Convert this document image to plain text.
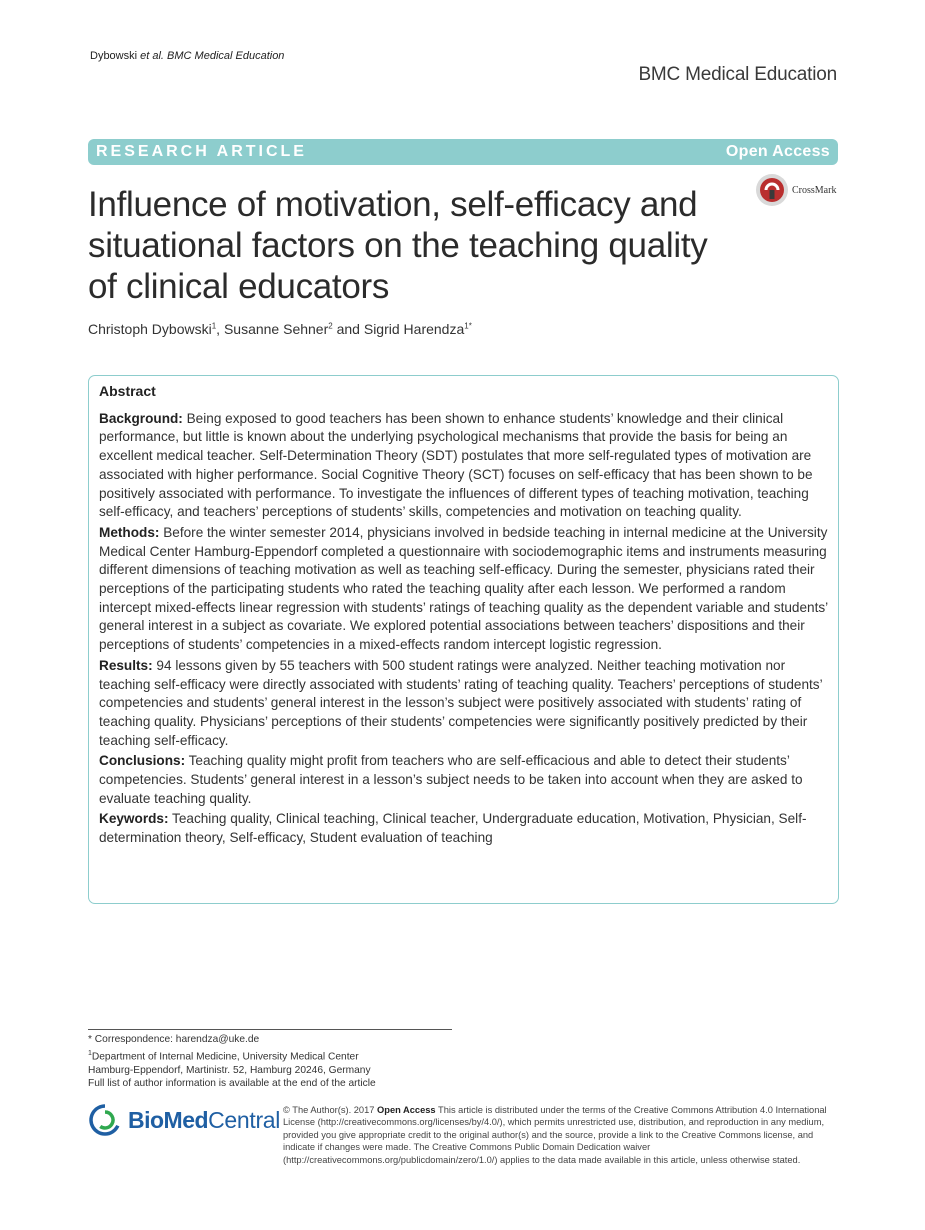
Dybowski et al. BMC Medical Education
BMC Medical Education
RESEARCH ARTICLE	Open Access
Influence of motivation, self-efficacy and situational factors on the teaching quality of clinical educators
CrossMark
Christoph Dybowski$^1$, Susanne Sehner$^2$ and Sigrid Harendza$^{1*}$
Abstract

Background: Being exposed to good teachers has been shown to enhance students’ knowledge and their clinical performance, but little is known about the underlying psychological mechanisms that provide the basis for being an excellent medical teacher. Self-Determination Theory (SDT) postulates that more self-regulated types of motivation are associated with higher performance. Social Cognitive Theory (SCT) focuses on self-efficacy that has been shown to be positively associated with performance. To investigate the influences of different types of teaching motivation, teaching self-efficacy, and teachers’ perceptions of students’ skills, competencies and motivation on teaching quality.

Methods: Before the winter semester 2014, physicians involved in bedside teaching in internal medicine at the University Medical Center Hamburg-Eppendorf completed a questionnaire with sociodemographic items and instruments measuring different dimensions of teaching motivation as well as teaching self-efficacy. During the semester, physicians rated their perceptions of the participating students who rated the teaching quality after each lesson. We performed a random intercept mixed-effects linear regression with students’ ratings of teaching quality as the dependent variable and students’ general interest in a subject as covariate. We explored potential associations between teachers’ dispositions and their perceptions of students’ competencies in a mixed-effects random intercept logistic regression.

Results: 94 lessons given by 55 teachers with 500 student ratings were analyzed. Neither teaching motivation nor teaching self-efficacy were directly associated with students’ rating of teaching quality. Teachers’ perceptions of students’ competencies and students’ general interest in the lesson’s subject were positively associated with students’ rating of teaching quality. Physicians’ perceptions of their students’ competencies were significantly positively predicted by their teaching self-efficacy.

Conclusions: Teaching quality might profit from teachers who are self-efficacious and able to detect their students’ competencies. Students’ general interest in a lesson’s subject needs to be taken into account when they are asked to evaluate teaching quality.

Keywords: Teaching quality, Clinical teaching, Clinical teacher, Undergraduate education, Motivation, Physician, Self-determination theory, Self-efficacy, Student evaluation of teaching

* Correspondence: harendza@uke.de
$^1$Department of Internal Medicine, University Medical Center
Hamburg-Eppendorf, Martinistr. 52, Hamburg 20246, Germany
Full list of author information is available at the end of the article
BioMedCentral © The Author(s). 2017 Open Access This article is distributed under the terms of the Creative Commons Attribution 4.0 International License (http://creativecommons.org/licenses/by/4.0/), which permits unrestricted use, distribution, and reproduction in any medium, provided you give appropriate credit to the original author(s) and the source, provide a link to the Creative Commons license, and indicate if changes were made. The Creative Commons Public Domain Dedication waiver (http://creativecommons.org/publicdomain/zero/1.0/) applies to the data made available in this article, unless otherwise stated.
